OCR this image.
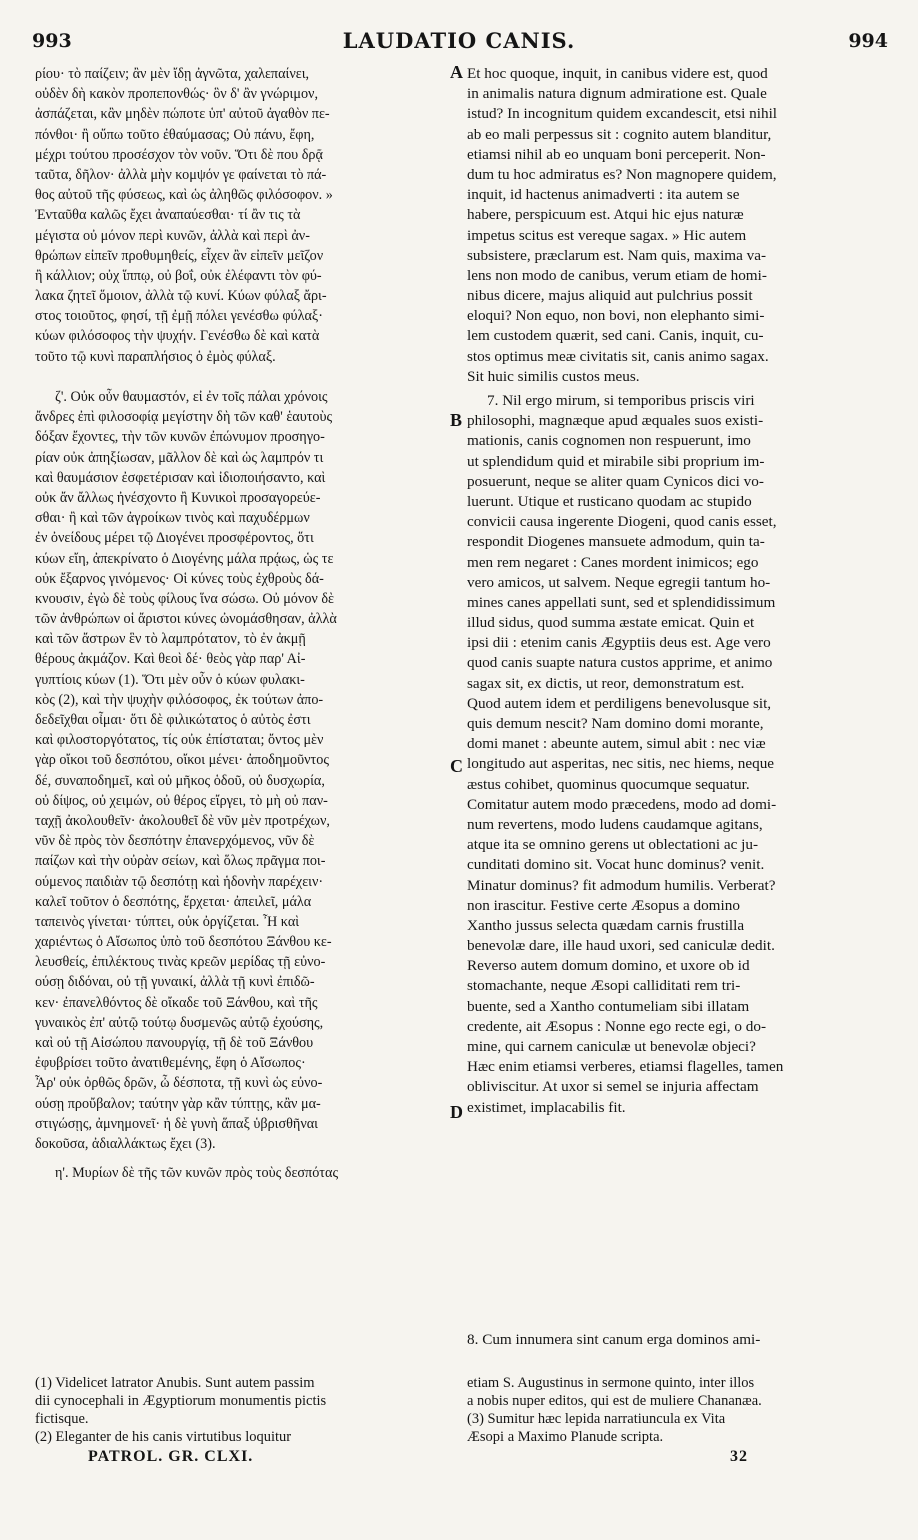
993	LAUDATIO CANIS.	994
ρίου· τὸ παίζειν; ἂν μὲν ἴδῃ ἀγνῶτα, χαλεπαίνει,
οὐδὲν δὴ κακὸν προπεπονθώς· ὃν δ' ἂν γνώριμον,
ἀσπάζεται, κἂν μηδὲν πώποτε ὑπ' αὐτοῦ ἀγαθὸν πε-
πόνθοι· ἢ οὔπω τοῦτο ἐθαύμασας; Οὐ πάνυ, ἔφη,
μέχρι τούτου προσέσχον τὸν νοῦν. Ὅτι δὲ που δρᾷ
ταῦτα, δῆλον· ἀλλὰ μὴν κομψόν γε φαίνεται τὸ πά-
θος αὐτοῦ τῆς φύσεως, καὶ ὡς ἀληθῶς φιλόσοφον. »
Ἐνταῦθα καλῶς ἔχει ἀναπαύεσθαι· τί ἂν τις τὰ
μέγιστα οὐ μόνον περὶ κυνῶν, ἀλλὰ καὶ περὶ ἀν-
θρώπων εἰπεῖν προθυμηθείς, εἶχεν ἂν εἰπεῖν μεῖζον
ἢ κάλλιον; οὐχ ἵππῳ, οὐ βοΐ, οὐκ ἐλέφαντι τὸν φύ-
λακα ζητεῖ ὅμοιον, ἀλλὰ τῷ κυνί. Κύων φύλαξ ἄρι-
στος τοιοῦτος, φησί, τῇ ἐμῇ πόλει γενέσθω φύλαξ·
κύων φιλόσοφος τὴν ψυχήν. Γενέσθω δὲ καὶ κατὰ
τοῦτο τῷ κυνὶ παραπλήσιος ὁ ἐμὸς φύλαξ.
ζ'. Οὐκ οὖν θαυμαστόν, εἰ ἐν τοῖς πάλαι χρόνοις
ἄνδρες ἐπὶ φιλοσοφίᾳ μεγίστην δὴ τῶν καθ' ἑαυτοὺς
δόξαν ἔχοντες, τὴν τῶν κυνῶν ἐπώνυμον προσηγο-
ρίαν οὐκ ἀπηξίωσαν, μᾶλλον δὲ καὶ ὡς λαμπρόν τι
καὶ θαυμάσιον ἐσφετέρισαν καὶ ἰδιοποιήσαντο, καὶ
οὐκ ἄν ἄλλως ἠνέσχοντο ἢ Κυνικοὶ προσαγορεύε-
σθαι· ἢ καὶ τῶν ἀγροίκων τινὸς καὶ παχυδέρμων
ἐν ὀνείδους μέρει τῷ Διογένει προσφέροντος, ὅτι
κύων εἴη, ἀπεκρίνατο ὁ Διογένης μάλα πρᾴως, ὡς τε
οὐκ ἔξαρνος γινόμενος· Οἱ κύνες τοὺς ἐχθροὺς δά-
κνουσιν, ἐγὼ δὲ τοὺς φίλους ἵνα σώσω. Οὐ μόνον δὲ
τῶν ἀνθρώπων οἱ ἄριστοι κύνες ὠνομάσθησαν, ἀλλὰ
καὶ τῶν ἄστρων ἓν τὸ λαμπρότατον, τὸ ἐν ἀκμῇ
θέρους ἀκμάζον. Καὶ θεοὶ δέ· θεὸς γὰρ παρ' Αἰ-
γυπτίοις κύων (1). Ὅτι μὲν οὖν ὁ κύων φυλακι-
κὸς (2), καὶ τὴν ψυχὴν φιλόσοφος, ἐκ τούτων ἀπο-
δεδεῖχθαι οἶμαι· ὅτι δὲ φιλικώτατος ὁ αὐτὸς ἐστι
καὶ φιλοστοργότατος, τίς οὐκ ἐπίσταται; ὄντος μὲν
γὰρ οἴκοι τοῦ δεσπότου, οἴκοι μένει· ἀποδημοῦντος
δέ, συναποδημεῖ, καὶ οὐ μῆκος ὁδοῦ, οὐ δυσχωρία,
οὐ δίψος, οὐ χειμών, οὐ θέρος εἴργει, τὸ μὴ οὐ παν-
ταχῇ ἀκολουθεῖν· ἀκολουθεῖ δὲ νῦν μὲν προτρέχων,
νῦν δὲ πρὸς τὸν δεσπότην ἐπανερχόμενος, νῦν δὲ
παίζων καὶ τὴν οὐρὰν σείων, καὶ ὅλως πρᾶγμα ποι-
ούμενος παιδιὰν τῷ δεσπότῃ καὶ ἡδονὴν παρέχειν·
καλεῖ τοῦτον ὁ δεσπότης, ἔρχεται· ἀπειλεῖ, μάλα
ταπεινὸς γίνεται· τύπτει, οὐκ ὀργίζεται. Ἦ καὶ
χαριέντως ὁ Αἴσωπος ὑπὸ τοῦ δεσπότου Ξάνθου κε-
λευσθείς, ἐπιλέκτους τινὰς κρεῶν μερίδας τῇ εὐνο-
ούσῃ διδόναι, οὐ τῇ γυναικί, ἀλλὰ τῇ κυνὶ ἐπιδῶ-
κεν· ἐπανελθόντος δὲ οἴκαδε τοῦ Ξάνθου, καὶ τῆς
γυναικὸς ἐπ' αὐτῷ τούτῳ δυσμενῶς αὐτῷ ἐχούσης,
καὶ οὐ τῇ Αἰσώπου πανουργίᾳ, τῇ δὲ τοῦ Ξάνθου
ἐφυβρίσει τοῦτο ἀνατιθεμένης, ἔφη ὁ Αἴσωπος·
Ἆρ' οὐκ ὀρθῶς δρῶν, ὦ δέσποτα, τῇ κυνὶ ὡς εὐνο-
ούσῃ προὔβαλον; ταύτην γὰρ κἂν τύπτῃς, κἂν μα-
στιγώσῃς, ἀμνημονεῖ· ἡ δὲ γυνὴ ἅπαξ ὑβρισθῆναι
δοκοῦσα, ἀδιαλλάκτως ἔχει (3).
η'. Μυρίων δὲ τῆς τῶν κυνῶν πρὸς τοὺς δεσπότας
Et hoc quoque, inquit, in canibus videre est, quod
in animalis natura dignum admiratione est. Quale
istud? In incognitum quidem excandescit, etsi nihil
ab eo mali perpessus sit : cognito autem blanditur,
etiamsi nihil ab eo unquam boni perceperit. Non-
dum tu hoc admiratus es? Non magnopere quidem,
inquit, id hactenus animadverti : ita autem se
habere, perspicuum est. Atqui hic ejus naturæ
impetus scitus est vereque sagax. » Hic autem
subsistere, præclarum est. Nam quis, maxima va-
lens non modo de canibus, verum etiam de homi-
nibus dicere, majus aliquid aut pulchrius possit
eloqui? Non equo, non bovi, non elephanto simi-
lem custodem quærit, sed cani. Canis, inquit, cu-
stos optimus meæ civitatis sit, canis animo sagax.
Sit huic similis custos meus.
7. Nil ergo mirum, si temporibus priscis viri
philosophi, magnæque apud æquales suos existi-
mationis, canis cognomen non respuerunt, imo
ut splendidum quid et mirabile sibi proprium im-
posuerunt, neque se aliter quam Cynicos dici vo-
luerunt. Utique et rusticano quodam ac stupido
convicii causa ingerente Diogeni, quod canis esset,
respondit Diogenes mansuete admodum, quin ta-
men rem negaret : Canes mordent inimicos; ego
vero amicos, ut salvem. Neque egregii tantum ho-
mines canes appellati sunt, sed et splendidissimum
illud sidus, quod summa æstate emicat. Quin et
ipsi dii : etenim canis Ægyptiis deus est. Age vero
quod canis suapte natura custos apprime, et animo
sagax sit, ex dictis, ut reor, demonstratum est.
Quod autem idem et perdiligens benevolusque sit,
quis demum nescit? Nam domino domi morante,
domi manet : abeunte autem, simul abit : nec viæ
longitudo aut asperitas, nec sitis, nec hiems, neque
æstus cohibet, quominus quocumque sequatur.
Comitatur autem modo præcedens, modo ad domi-
num revertens, modo ludens caudamque agitans,
atque ita se omnino gerens ut oblectationi ac ju-
cunditati domino sit. Vocat hunc dominus? venit.
Minatur dominus? fit admodum humilis. Verberat?
non irascitur. Festive certe Æsopus a domino
Xantho jussus selecta quædam carnis frustilla
benevolæ dare, ille haud uxori, sed caniculæ dedit.
Reverso autem domum domino, et uxore ob id
stomachante, neque Æsopi calliditati rem tri-
buente, sed a Xantho contumeliam sibi illatam
credente, ait Æsopus : Nonne ego recte egi, o do-
mine, qui carnem caniculæ ut benevolæ objeci?
Hæc enim etiamsi verberes, etiamsi flagelles, tamen
obliviscitur. At uxor si semel se injuria affectam
existimet, implacabilis fit.
8. Cum innumera sint canum erga dominos ami-
A
B
C
D
(1) Videlicet latrator Anubis. Sunt autem passim
dii cynocephali in Ægyptiorum monumentis pictis
fictisque.
(2) Eleganter de his canis virtutibus loquitur
etiam S. Augustinus in sermone quinto, inter illos
a nobis nuper editos, qui est de muliere Chananæa.
(3) Sumitur hæc lepida narratiuncula ex Vita
Æsopi a Maximo Planude scripta.
PATROL. GR. CLXI.	32
